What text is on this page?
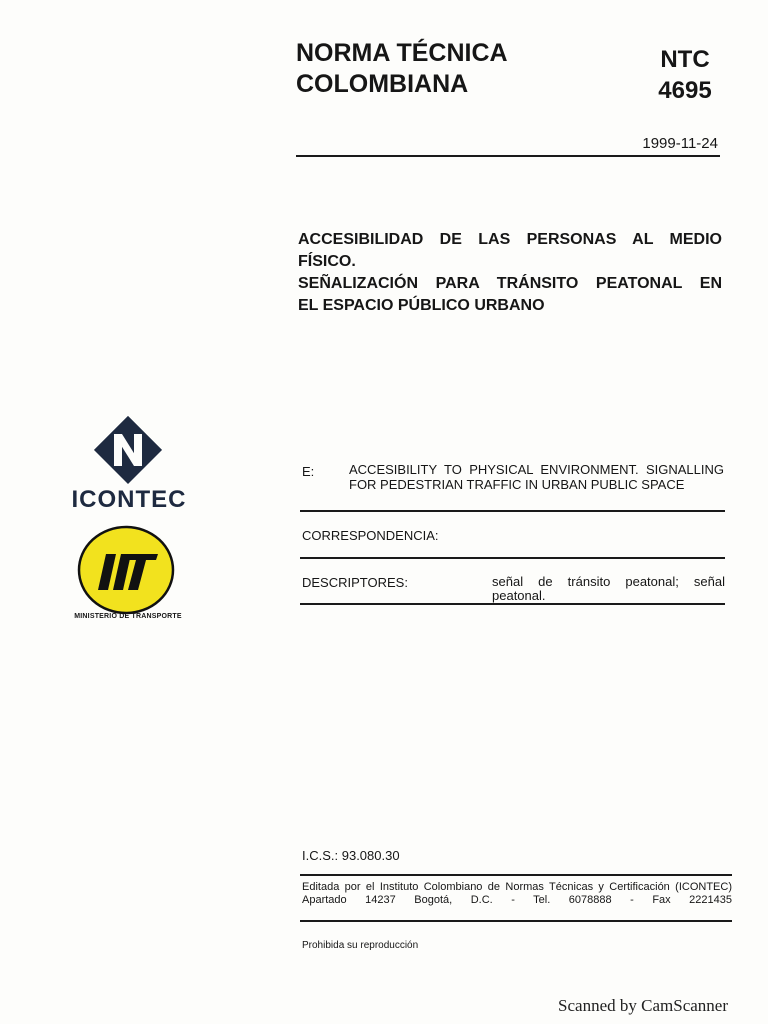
NORMA TÉCNICA
COLOMBIANA
NTC
4695
1999-11-24
ACCESIBILIDAD DE LAS PERSONAS AL MEDIO
FÍSICO.
SEÑALIZACIÓN PARA TRÁNSITO PEATONAL EN
EL ESPACIO PÚBLICO URBANO
ICONTEC
MINISTERIO DE TRANSPORTE
E:	ACCESIBILITY TO PHYSICAL ENVIRONMENT. SIGNALLING
FOR PEDESTRIAN TRAFFIC IN URBAN PUBLIC SPACE
CORRESPONDENCIA:
DESCRIPTORES:	señal de tránsito peatonal; señal
peatonal.
I.C.S.: 93.080.30
Editada por el Instituto Colombiano de Normas Técnicas y Certificación (ICONTEC)
Apartado 14237 Bogotá, D.C. - Tel. 6078888 - Fax 2221435
Prohibida su reproducción
Scanned by CamScanner
